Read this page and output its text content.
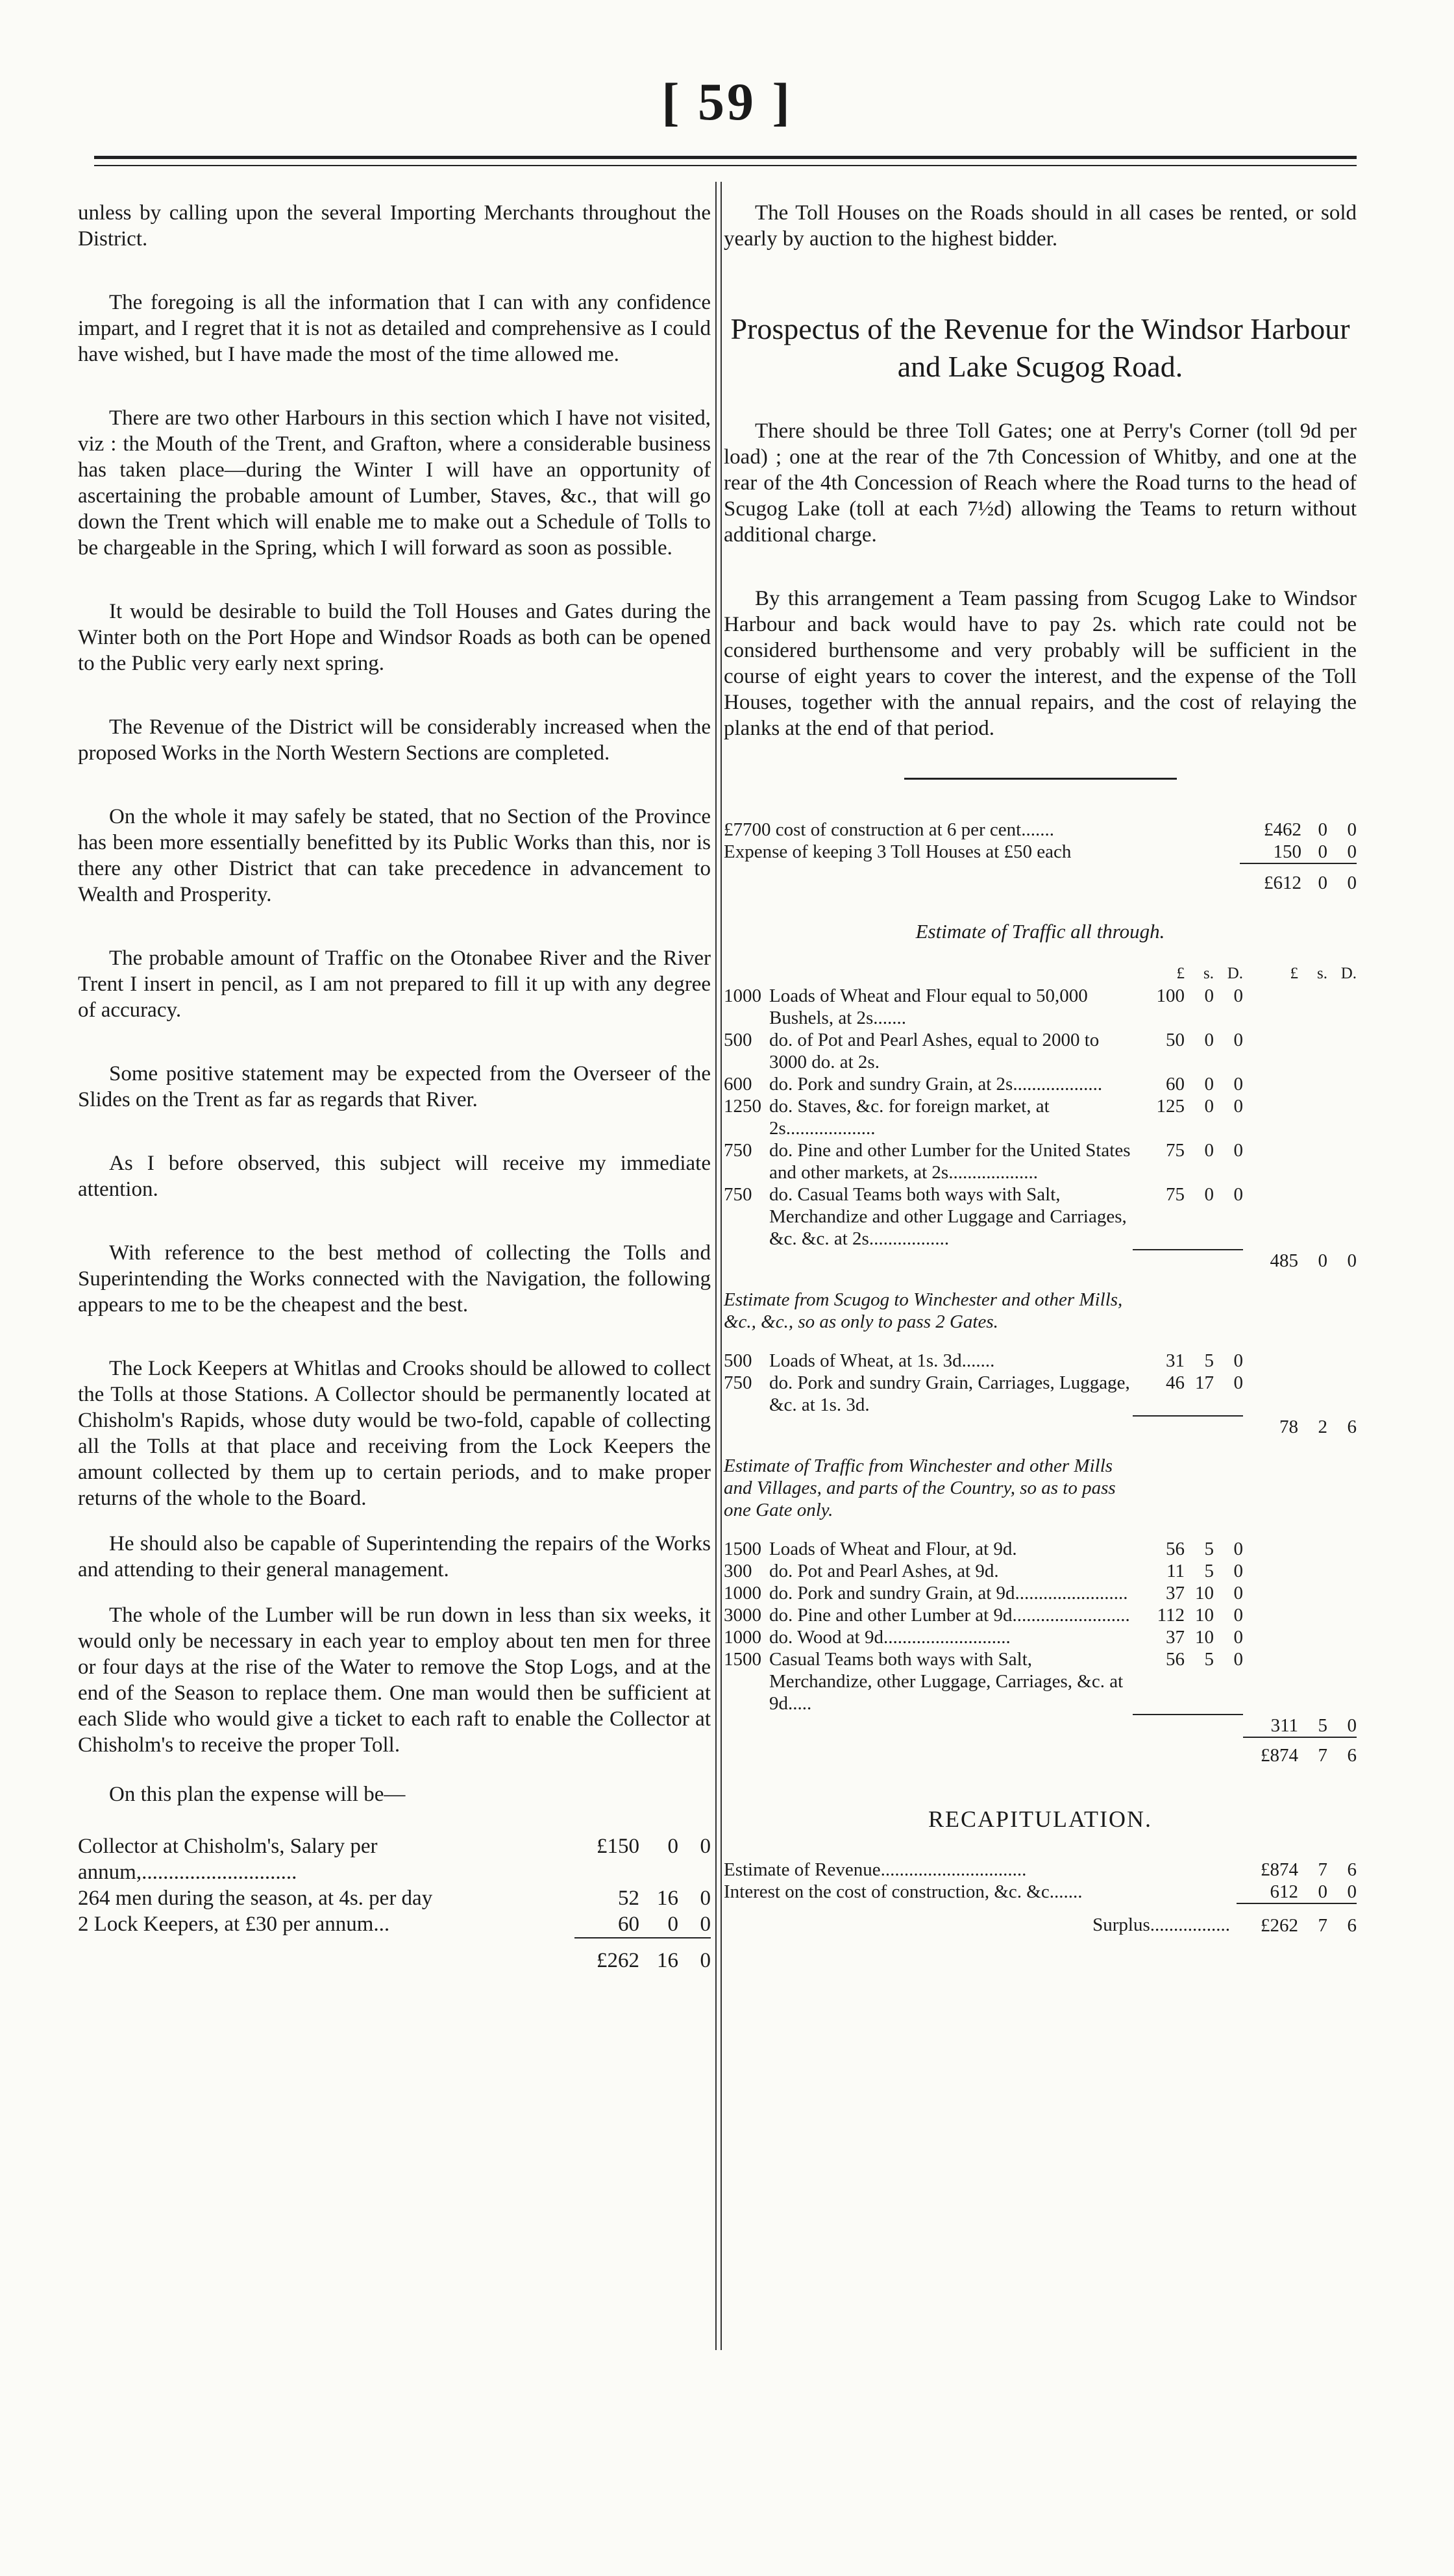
[ 59 ]

unless by calling upon the several Importing Merchants throughout the District.

The foregoing is all the information that I can with any confidence impart, and I regret that it is not as detailed and comprehensive as I could have wished, but I have made the most of the time allowed me.

There are two other Harbours in this section which I have not visited, viz : the Mouth of the Trent, and Grafton, where a considerable business has taken place—during the Winter I will have an opportunity of ascertaining the probable amount of Lumber, Staves, &c., that will go down the Trent which will enable me to make out a Schedule of Tolls to be chargeable in the Spring, which I will forward as soon as possible.

It would be desirable to build the Toll Houses and Gates during the Winter both on the Port Hope and Windsor Roads as both can be opened to the Public very early next spring.

The Revenue of the District will be considerably increased when the proposed Works in the North Western Sections are completed.

On the whole it may safely be stated, that no Section of the Province has been more essentially benefitted by its Public Works than this, nor is there any other District that can take precedence in advancement to Wealth and Prosperity.

The probable amount of Traffic on the Otonabee River and the River Trent I insert in pencil, as I am not prepared to fill it up with any degree of accuracy.

Some positive statement may be expected from the Overseer of the Slides on the Trent as far as regards that River.

As I before observed, this subject will receive my immediate attention.

With reference to the best method of collecting the Tolls and Superintending the Works connected with the Navigation, the following appears to me to be the cheapest and the best.

The Lock Keepers at Whitlas and Crooks should be allowed to collect the Tolls at those Stations. A Collector should be permanently located at Chisholm's Rapids, whose duty would be two-fold, capable of collecting all the Tolls at that place and receiving from the Lock Keepers the amount collected by them up to certain periods, and to make proper returns of the whole to the Board.

He should also be capable of Superintending the repairs of the Works and attending to their general management.

The whole of the Lumber will be run down in less than six weeks, it would only be necessary in each year to employ about ten men for three or four days at the rise of the Water to remove the Stop Logs, and at the end of the Season to replace them. One man would then be sufficient at each Slide who would give a ticket to each raft to enable the Collector at Chisholm's to receive the proper Toll.

On this plan the expense will be—

Collector at Chisholm's, Salary per annum,.............................	£150	0	0
264 men during the season, at 4s. per day	52	16	0
2 Lock Keepers, at £30 per annum...	60	0	0
	£262	16	0

The Toll Houses on the Roads should in all cases be rented, or sold yearly by auction to the highest bidder.

Prospectus of the Revenue for the Windsor Harbour and Lake Scugog Road.

There should be three Toll Gates; one at Perry's Corner (toll 9d per load) ; one at the rear of the 7th Concession of Whitby, and one at the rear of the 4th Concession of Reach where the Road turns to the head of Scugog Lake (toll at each 7½d) allowing the Teams to return without additional charge.

By this arrangement a Team passing from Scugog Lake to Windsor Harbour and back would have to pay 2s. which rate could not be considered burthensome and very probably will be sufficient in the course of eight years to cover the interest, and the expense of the Toll Houses, together with the annual repairs, and the cost of relaying the planks at the end of that period.

£7700 cost of construction at 6 per cent.......	£462	0	0
Expense of keeping 3 Toll Houses at £50 each	150	0	0
	£612	0	0
Estimate of Traffic all through.
		£	s.	D.	£	s.	D.
1000	Loads of Wheat and Flour equal to 50,000 Bushels, at 2s.......	100	0	0			
500	do. of Pot and Pearl Ashes, equal to 2000 to 3000 do. at 2s.	50	0	0			
600	do. Pork and sundry Grain, at 2s...................	60	0	0			
1250	do. Staves, &c. for foreign market, at 2s...................	125	0	0			
750	do. Pine and other Lumber for the United States and other markets, at 2s...................	75	0	0			
750	do. Casual Teams both ways with Salt, Merchandize and other Luggage and Carriages, &c. &c. at 2s.................	75	0	0			
					485	0	0
Estimate from Scugog to Winchester and other Mills, &c., &c., so as only to pass 2 Gates.
500	Loads of Wheat, at 1s. 3d.......	31	5	0			
750	do. Pork and sundry Grain, Carriages, Luggage, &c. at 1s. 3d.	46	17	0			
					78	2	6
Estimate of Traffic from Winchester and other Mills and Villages, and parts of the Country, so as to pass one Gate only.
1500	Loads of Wheat and Flour, at 9d.	56	5	0			
300	do. Pot and Pearl Ashes, at 9d.	11	5	0			
1000	do. Pork and sundry Grain, at 9d........................	37	10	0			
3000	do. Pine and other Lumber at 9d.........................	112	10	0			
1000	do. Wood at 9d...........................	37	10	0			
1500	Casual Teams both ways with Salt, Merchandize, other Luggage, Carriages, &c. at 9d.....	56	5	0			
					311	5	0
					£874	7	6
RECAPITULATION.
Estimate of Revenue...............................	£874	7	6
Interest on the cost of construction, &c. &c.......	612	0	0
Surplus.................	£262	7	6
